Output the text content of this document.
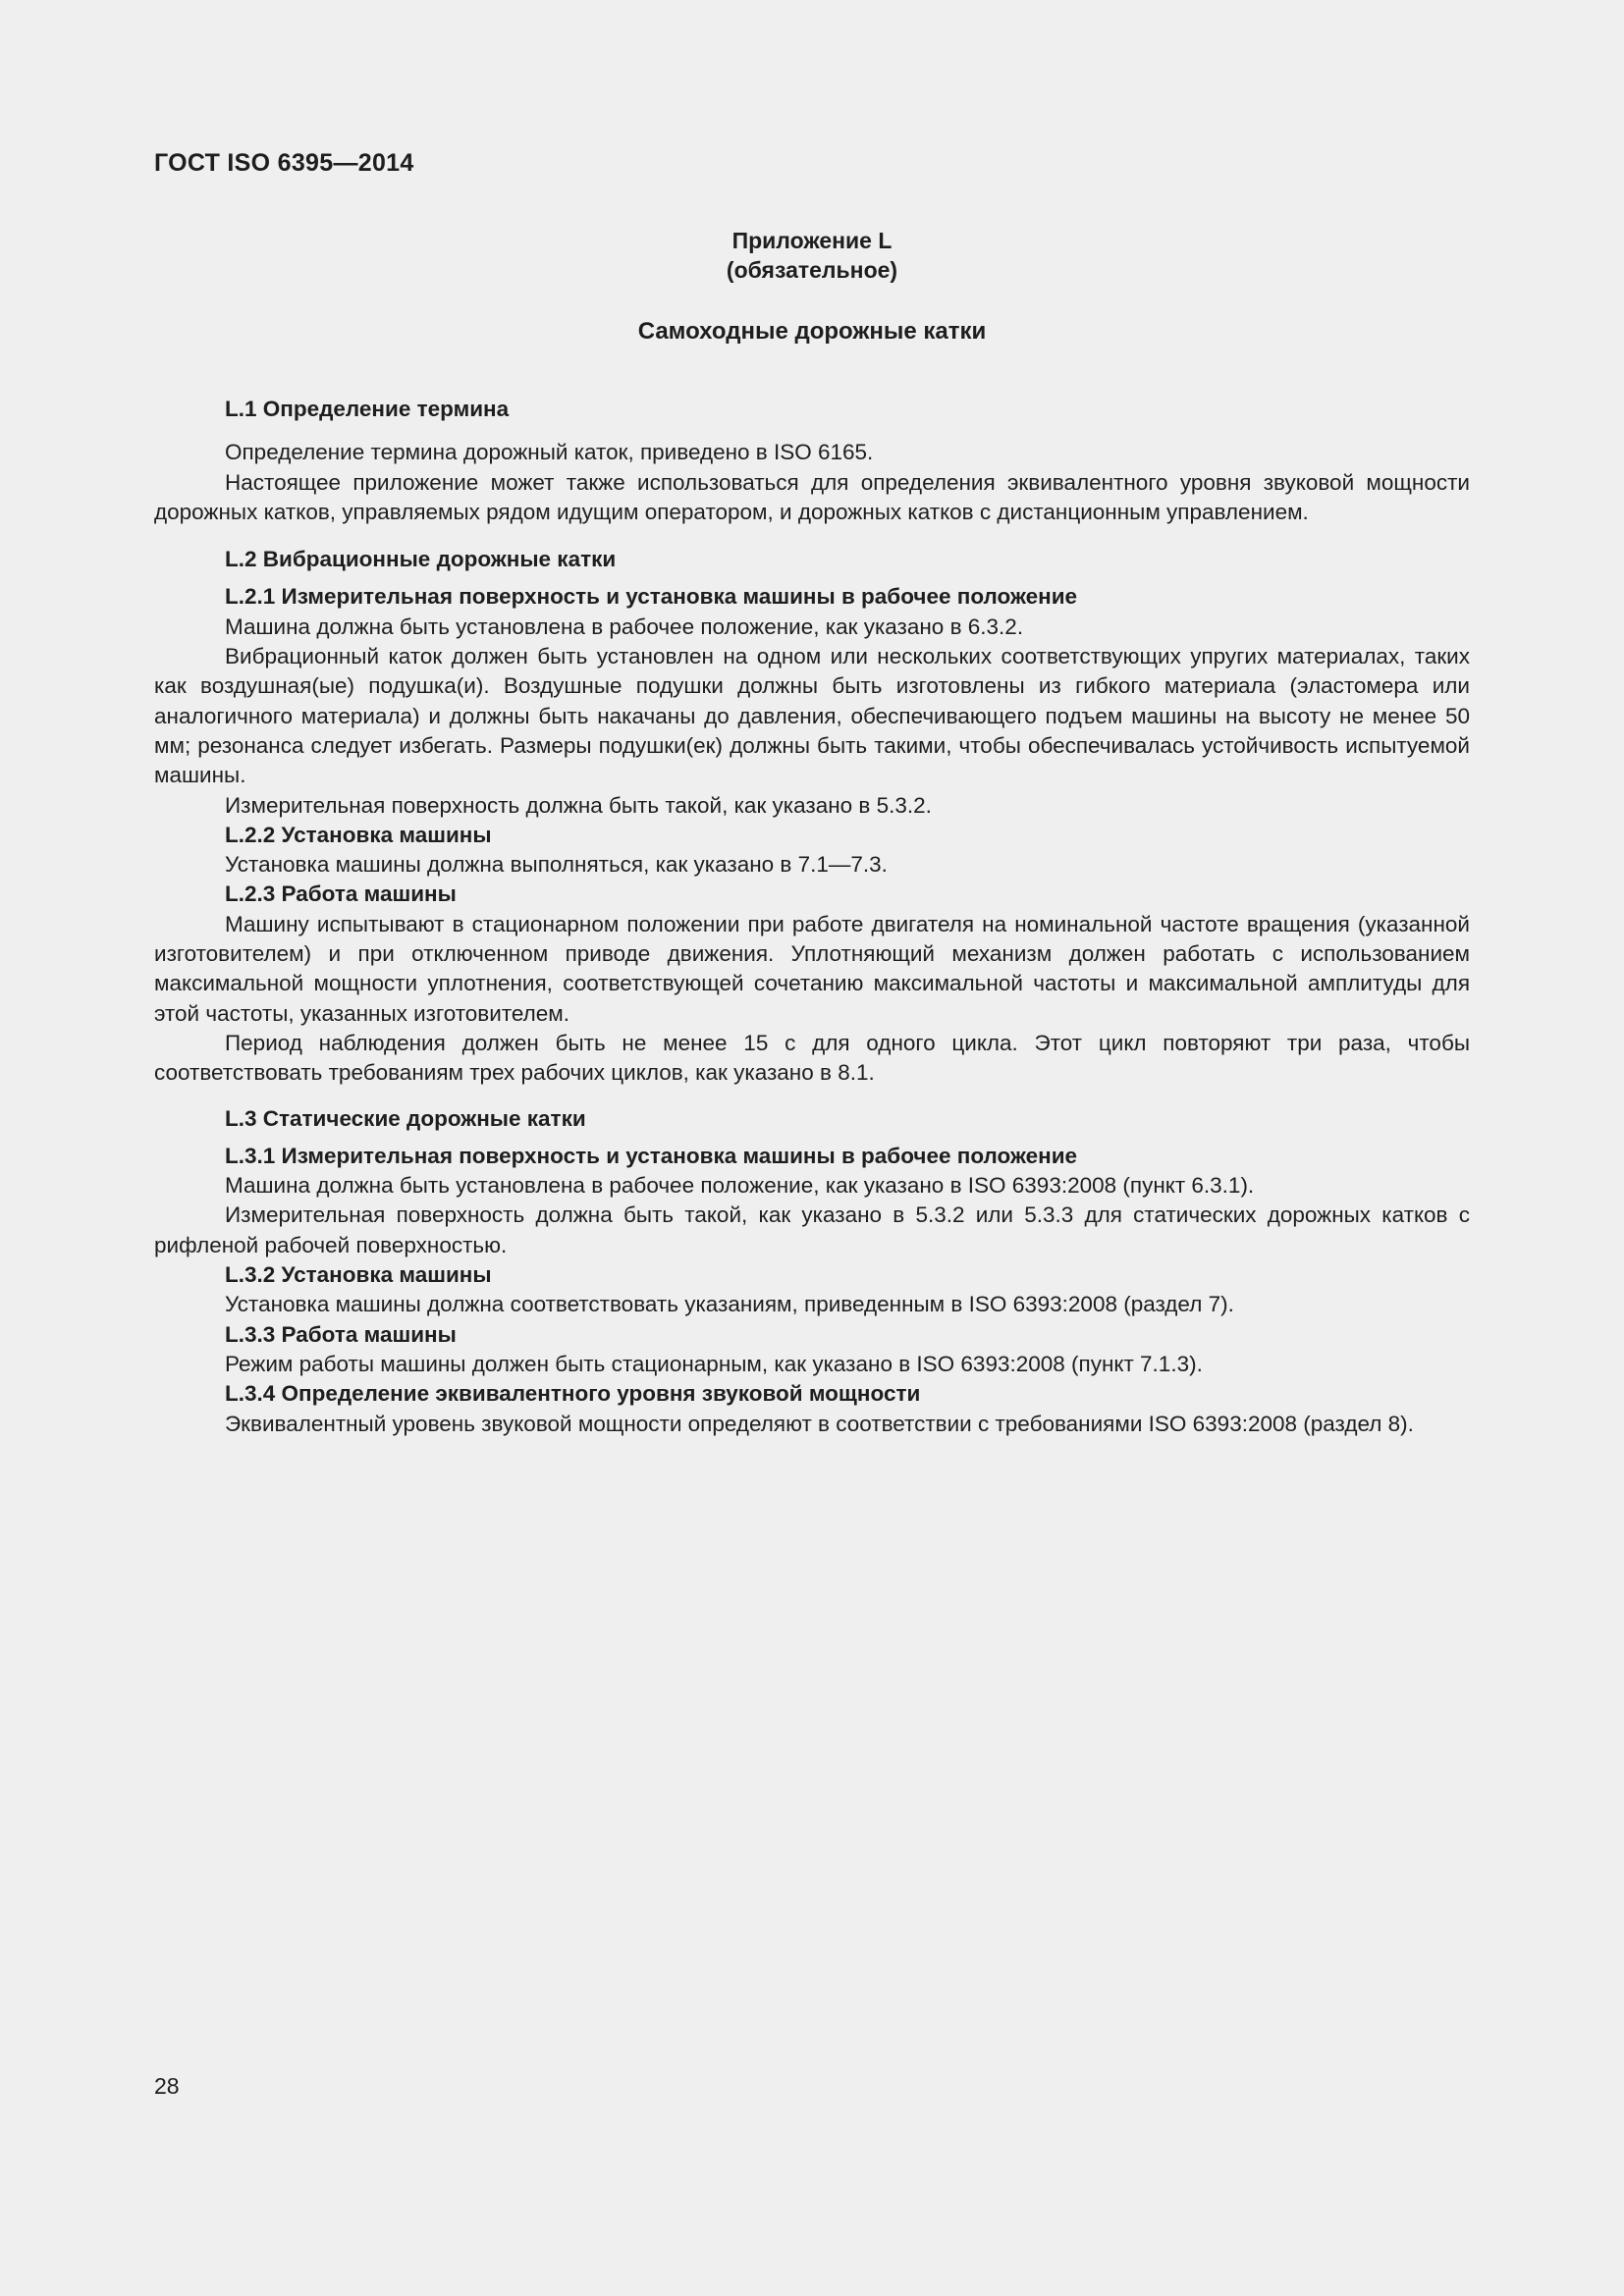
ГОСТ ISO 6395—2014
Приложение L
(обязательное)
Самоходные дорожные катки

L.1 Определение термина

Определение термина дорожный каток, приведено в ISO 6165.

Настоящее приложение может также использоваться для определения эквивалентного уровня звуковой мощности дорожных катков, управляемых рядом идущим оператором, и дорожных катков с дистанционным управлением.

L.2 Вибрационные дорожные катки

L.2.1 Измерительная поверхность и установка машины в рабочее положение

Машина должна быть установлена в рабочее положение, как указано в 6.3.2.

Вибрационный каток должен быть установлен на одном или нескольких соответствующих упругих материалах, таких как воздушная(ые) подушка(и). Воздушные подушки должны быть изготовлены из гибкого материала (эластомера или аналогичного материала) и должны быть накачаны до давления, обеспечивающего подъем машины на высоту не менее 50 мм; резонанса следует избегать. Размеры подушки(ек) должны быть такими, чтобы обеспечивалась устойчивость испытуемой машины.

Измерительная поверхность должна быть такой, как указано в 5.3.2.

L.2.2 Установка машины

Установка машины должна выполняться, как указано в 7.1—7.3.

L.2.3 Работа машины

Машину испытывают в стационарном положении при работе двигателя на номинальной частоте вращения (указанной изготовителем) и при отключенном приводе движения. Уплотняющий механизм должен работать с использованием максимальной мощности уплотнения, соответствующей сочетанию максимальной частоты и максимальной амплитуды для этой частоты, указанных изготовителем.

Период наблюдения должен быть не менее 15 с для одного цикла. Этот цикл повторяют три раза, чтобы соответствовать требованиям трех рабочих циклов, как указано в 8.1.

L.3 Статические дорожные катки

L.3.1 Измерительная поверхность и установка машины в рабочее положение

Машина должна быть установлена в рабочее положение, как указано в ISO 6393:2008 (пункт 6.3.1).

Измерительная поверхность должна быть такой, как указано в 5.3.2 или 5.3.3 для статических дорожных катков с рифленой рабочей поверхностью.

L.3.2 Установка машины

Установка машины должна соответствовать указаниям, приведенным в ISO 6393:2008 (раздел 7).

L.3.3 Работа машины

Режим работы машины должен быть стационарным, как указано в ISO 6393:2008 (пункт 7.1.3).

L.3.4 Определение эквивалентного уровня звуковой мощности

Эквивалентный уровень звуковой мощности определяют в соответствии с требованиями ISO 6393:2008 (раздел 8).

28
